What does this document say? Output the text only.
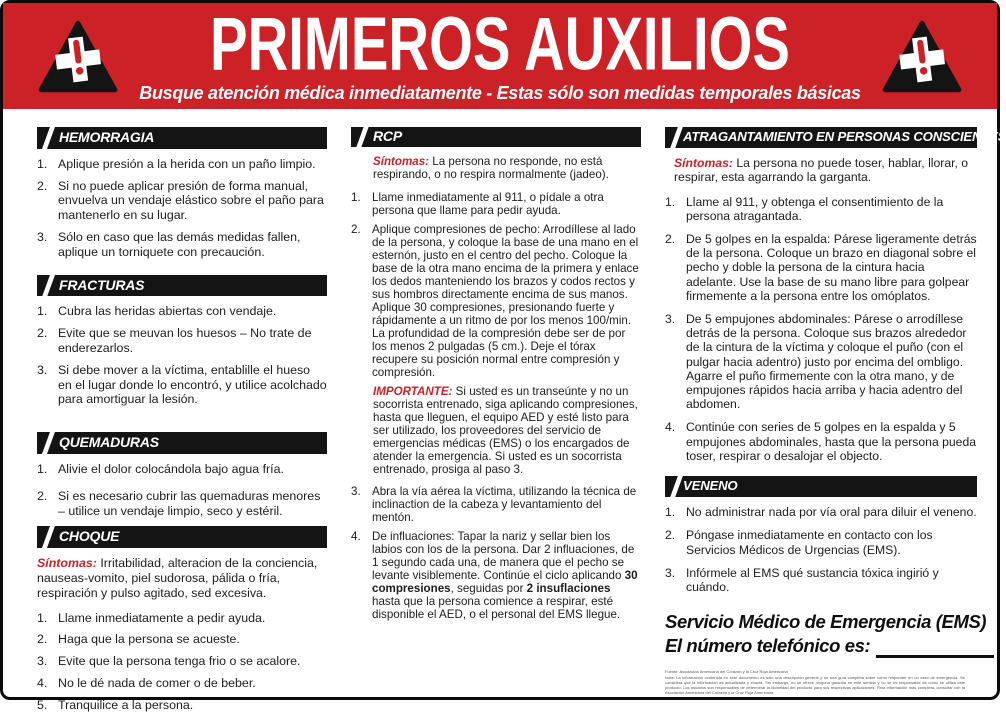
PRIMEROS AUXILIOS
Busque atención médica inmediatamente - Estas sólo son medidas temporales básicas
HEMORRAGIA
1. Aplique presión a la herida con un paño limpio.
2. Si no puede aplicar presión de forma manual, envuelva un vendaje elástico sobre el paño para mantenerlo en su lugar.
3. Sólo en caso que las demás medidas fallen, aplique un torniquete con precaución.
FRACTURAS
1. Cubra las heridas abiertas con vendaje.
2. Evite que se meuvan los huesos – No trate de enderezarlos.
3. Si debe mover a la víctima, entablille el hueso en el lugar donde lo encontró, y utilice acolchado para amortiguar la lesión.
QUEMADURAS
1. Alivie el dolor colocándola bajo agua fría.
2. Si es necesario cubrir las quemaduras menores – utilice un vendaje limpio, seco y estéril.
CHOQUE

Síntomas: Irritabilidad, alteracion de la conciencia, nauseas-vomito, piel sudorosa, pálida o fría, respiración y pulso agitado, sed excesiva.

1. Llame inmediatamente a pedir ayuda.
2. Haga que la persona se acueste.
3. Evite que la persona tenga frio o se acalore.
4. No le dé nada de comer o de beber.
5. Tranquilice a la persona.
RCP

Síntomas: La persona no responde, no está respirando, o no respira normalmente (jadeo).

1. Llame inmediatamente al 911, o pídale a otra persona que llame para pedir ayuda.
2. Aplique compresiones de pecho: Arrodíllese al lado de la persona, y coloque la base de una mano en el esternón, justo en el centro del pecho. Coloque la base de la otra mano encima de la primera y enlace los dedos manteniendo los brazos y codos rectos y sus hombros directamente encima de sus manos. Aplique 30 compresiones, presionando fuerte y rápidamente a un ritmo de por los menos 100/min. La profundidad de la compresión debe ser de por los menos 2 pulgadas (5 cm.). Deje el tórax recupere su posición normal entre compresión y compresión.

IMPORTANTE: Si usted es un transeúnte y no un socorrista entrenado, siga aplicando compresiones, hasta que lleguen, el equipo AED y esté listo para ser utilizado, los proveedores del servicio de emergencias médicas (EMS) o los encargados de atender la emergencia. Si usted es un socorrista entrenado, prosiga al paso 3.

3. Abra la vía aérea la víctima, utilizando la técnica de inclinaction de la cabeza y levantamiento del mentón.
4. De influaciones: Tapar la nariz y sellar bien los labios con los de la persona. Dar 2 influaciones, de 1 segundo cada una, de manera que el pecho se levante visiblemente. Continúe el ciclo aplicando 30 compresiones, seguidas por 2 insuflaciones hasta que la persona comience a respirar, esté disponible el AED, o el personal del EMS llegue.
ATRAGANTAMIENTO EN PERSONAS CONSCIENTES

Síntomas: La persona no puede toser, hablar, llorar, o respirar, esta agarrando la garganta.

1. Llame al 911, y obtenga el consentimiento de la persona atragantada.
2. De 5 golpes en la espalda: Párese ligeramente detrás de la persona. Coloque un brazo en diagonal sobre el pecho y doble la persona de la cintura hacia adelante. Use la base de su mano libre para golpear firmemente a la persona entre los omóplatos.
3. De 5 empujones abdominales: Párese o arrodíllese detrás de la persona. Coloque sus brazos alrededor de la cintura de la víctima y coloque el puño (con el pulgar hacia adentro) justo por encima del ombligo. Agarre el puño firmemente con la otra mano, y de empujones rápidos hacia arriba y hacia adentro del abdomen.
4. Continúe con series de 5 golpes en la espalda y 5 empujones abdominales, hasta que la persona pueda toser, respirar o desalojar el objecto.
VENENO
1. No administrar nada por vía oral para diluir el veneno.
2. Póngase inmediatamente en contacto con los Servicios Médicos de Urgencias (EMS).
3. Infórmele al EMS qué sustancia tóxica ingirió y cuándo.
Servicio Médico de Emergencia (EMS)
El número telefónico es:
Fuente: Asociación Americana del Corazón y la Cruz Roja Americana
Nota: La información contenida en este documento es sólo una descripción general y no una guía completa sobre cómo responder en un caso de emergencia. Se considera que la información es actualizada y exacta. Sin embargo, no se ofrece ninguna garantía en este sentido y no se es responsable de cómo se utiliza este producto. Los usuarios son responsables de determinar la idoneidad del producto para sus respectivas aplicaciones. Para información más completa, consultar con la Asociación Americana del Corazón y la Cruz Roja Americana.
